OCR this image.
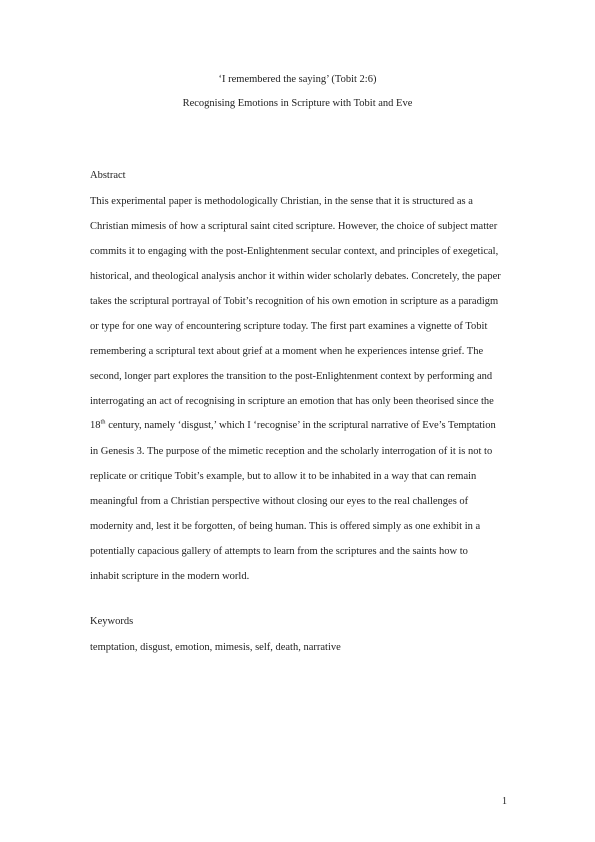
‘I remembered the saying’ (Tobit 2:6)
Recognising Emotions in Scripture with Tobit and Eve
Abstract

This experimental paper is methodologically Christian, in the sense that it is structured as a

Christian mimesis of how a scriptural saint cited scripture. However, the choice of subject matter

commits it to engaging with the post-Enlightenment secular context, and principles of exegetical,

historical, and theological analysis anchor it within wider scholarly debates. Concretely, the paper

takes the scriptural portrayal of Tobit’s recognition of his own emotion in scripture as a paradigm

or type for one way of encountering scripture today. The first part examines a vignette of Tobit

remembering a scriptural text about grief at a moment when he experiences intense grief. The

second, longer part explores the transition to the post-Enlightenment context by performing and

interrogating an act of recognising in scripture an emotion that has only been theorised since the

18th century, namely ‘disgust,’ which I ‘recognise’ in the scriptural narrative of Eve’s Temptation

in Genesis 3. The purpose of the mimetic reception and the scholarly interrogation of it is not to

replicate or critique Tobit’s example, but to allow it to be inhabited in a way that can remain

meaningful from a Christian perspective without closing our eyes to the real challenges of

modernity and, lest it be forgotten, of being human. This is offered simply as one exhibit in a

potentially capacious gallery of attempts to learn from the scriptures and the saints how to

inhabit scripture in the modern world.

Keywords

temptation, disgust, emotion, mimesis, self, death, narrative

1
